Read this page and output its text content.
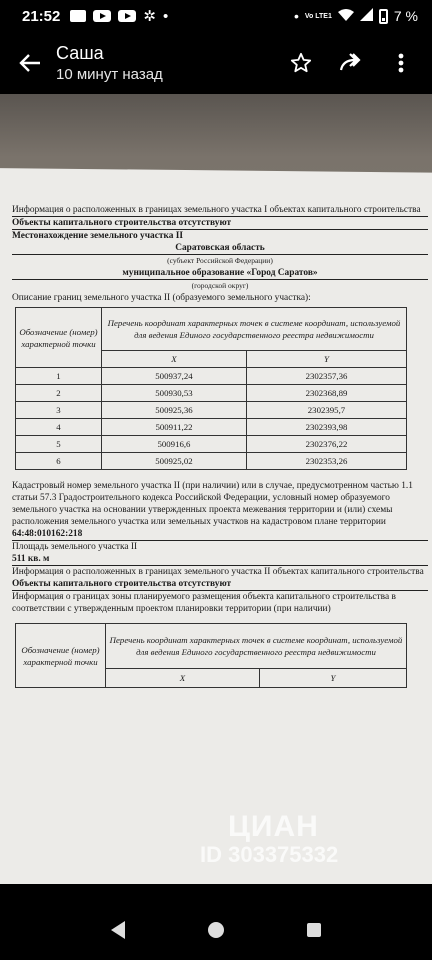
21:52	✲ •	• Vo LTE1	7 %
Саша
10 минут назад

Информация о расположенных в границах земельного участка I объектах капитального строительства

Объекты капитального строительства отсутствуют

Местонахождение земельного участка II

Саратовская область

(субъект Российской Федерации)

муниципальное образование «Город Саратов»

(городской округ)

Описание границ земельного участка II (образуемого земельного участка):

Обозначение (номер) характерной точки	Перечень координат характерных точек в системе координат, используемой для ведения Единого государственного реестра недвижимости	
	X	Y
1	500937,24	2302357,36
2	500930,53	2302368,89
3	500925,36	2302395,7
4	500911,22	2302393,98
5	500916,6	2302376,22
6	500925,02	2302353,26

Кадастровый номер земельного участка II (при наличии) или в случае, предусмотренном частью 1.1 статьи 57.3 Градостроительного кодекса Российской Федерации, условный номер образуемого земельного участка на основании утвержденных проекта межевания территории и (или) схемы расположения земельного участка или земельных участков на кадастровом плане территории

64:48:010162:218

Площадь земельного участка II

511 кв. м

Информация о расположенных в границах земельного участка II объектах капитального строительства

Объекты капитального строительства отсутствуют

Информация о границах зоны планируемого размещения объекта капитального строительства в соответствии с утвержденным проектом планировки территории (при наличии)

Обозначение (номер) характерной точки	Перечень координат характерных точек в системе координат, используемой для ведения Единого государственного реестра недвижимости	
	X	Y
ЦИАН
ID 303375332
